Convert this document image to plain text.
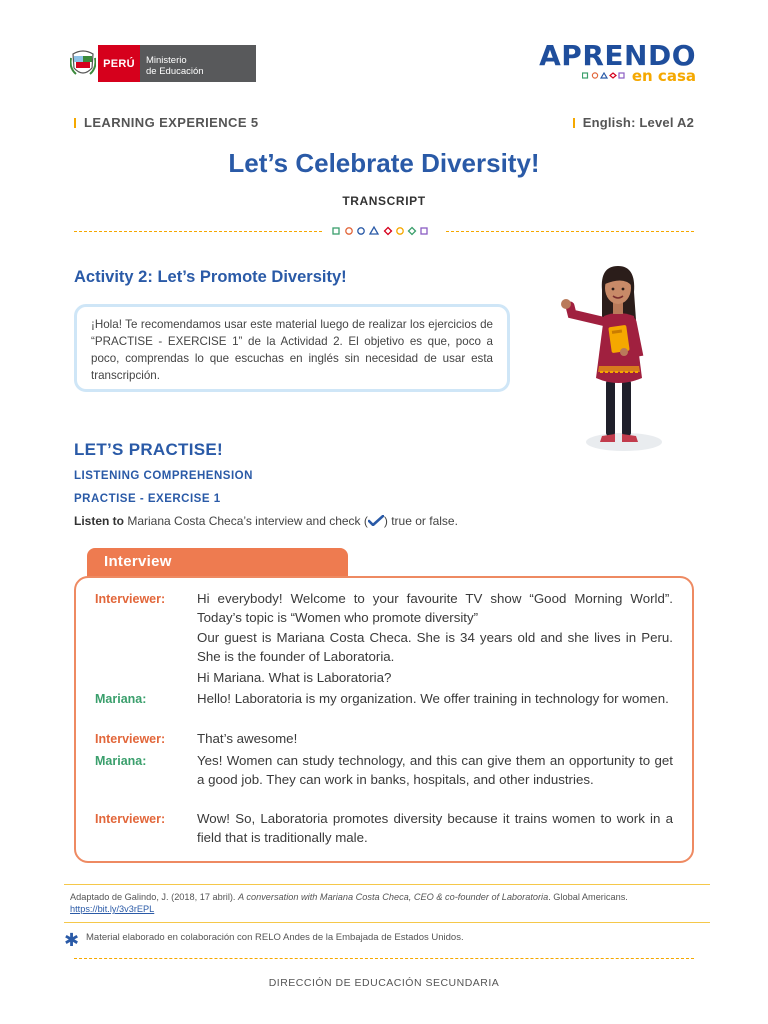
PERÚ	Ministerio
de Educación	APRENDO
en casa
LEARNING EXPERIENCE 5	English: Level A2
Let’s Celebrate Diversity!
TRANSCRIPT
Activity 2: Let’s Promote Diversity!
¡Hola! Te recomendamos usar este material luego de realizar los ejercicios de “PRACTISE - EXERCISE 1” de la Actividad 2. El objetivo es que, poco a poco, comprendas lo que escuchas en inglés sin necesidad de usar esta transcripción.
LET’S PRACTISE!
LISTENING COMPREHENSION
PRACTISE - EXERCISE 1
Listen to Mariana Costa Checa’s interview and check ( ) true or false.
Interview
Interviewer:	Hi everybody! Welcome to your favourite TV show “Good Morning World”. Today’s topic is “Women who promote diversity”
Our guest is Mariana Costa Checa. She is 34 years old and she lives in Peru. She is the founder of Laboratoria.
Hi Mariana. What is Laboratoria?
Mariana:	Hello! Laboratoria is my organization. We offer training in technology for women.
Interviewer:	That’s awesome!
Mariana:	Yes! Women can study technology, and this can give them an opportunity to get a good job. They can work in banks, hospitals, and other industries.
Interviewer:	Wow! So, Laboratoria promotes diversity because it trains women to work in a field that is traditionally male.
Adaptado de Galindo, J. (2018, 17 abril). A conversation with Mariana Costa Checa, CEO & co-founder of Laboratoria. Global Americans.
https://bit.ly/3v3rEPL
✱ Material elaborado en colaboración con RELO Andes de la Embajada de Estados Unidos.
DIRECCIÓN DE EDUCACIÓN SECUNDARIA
